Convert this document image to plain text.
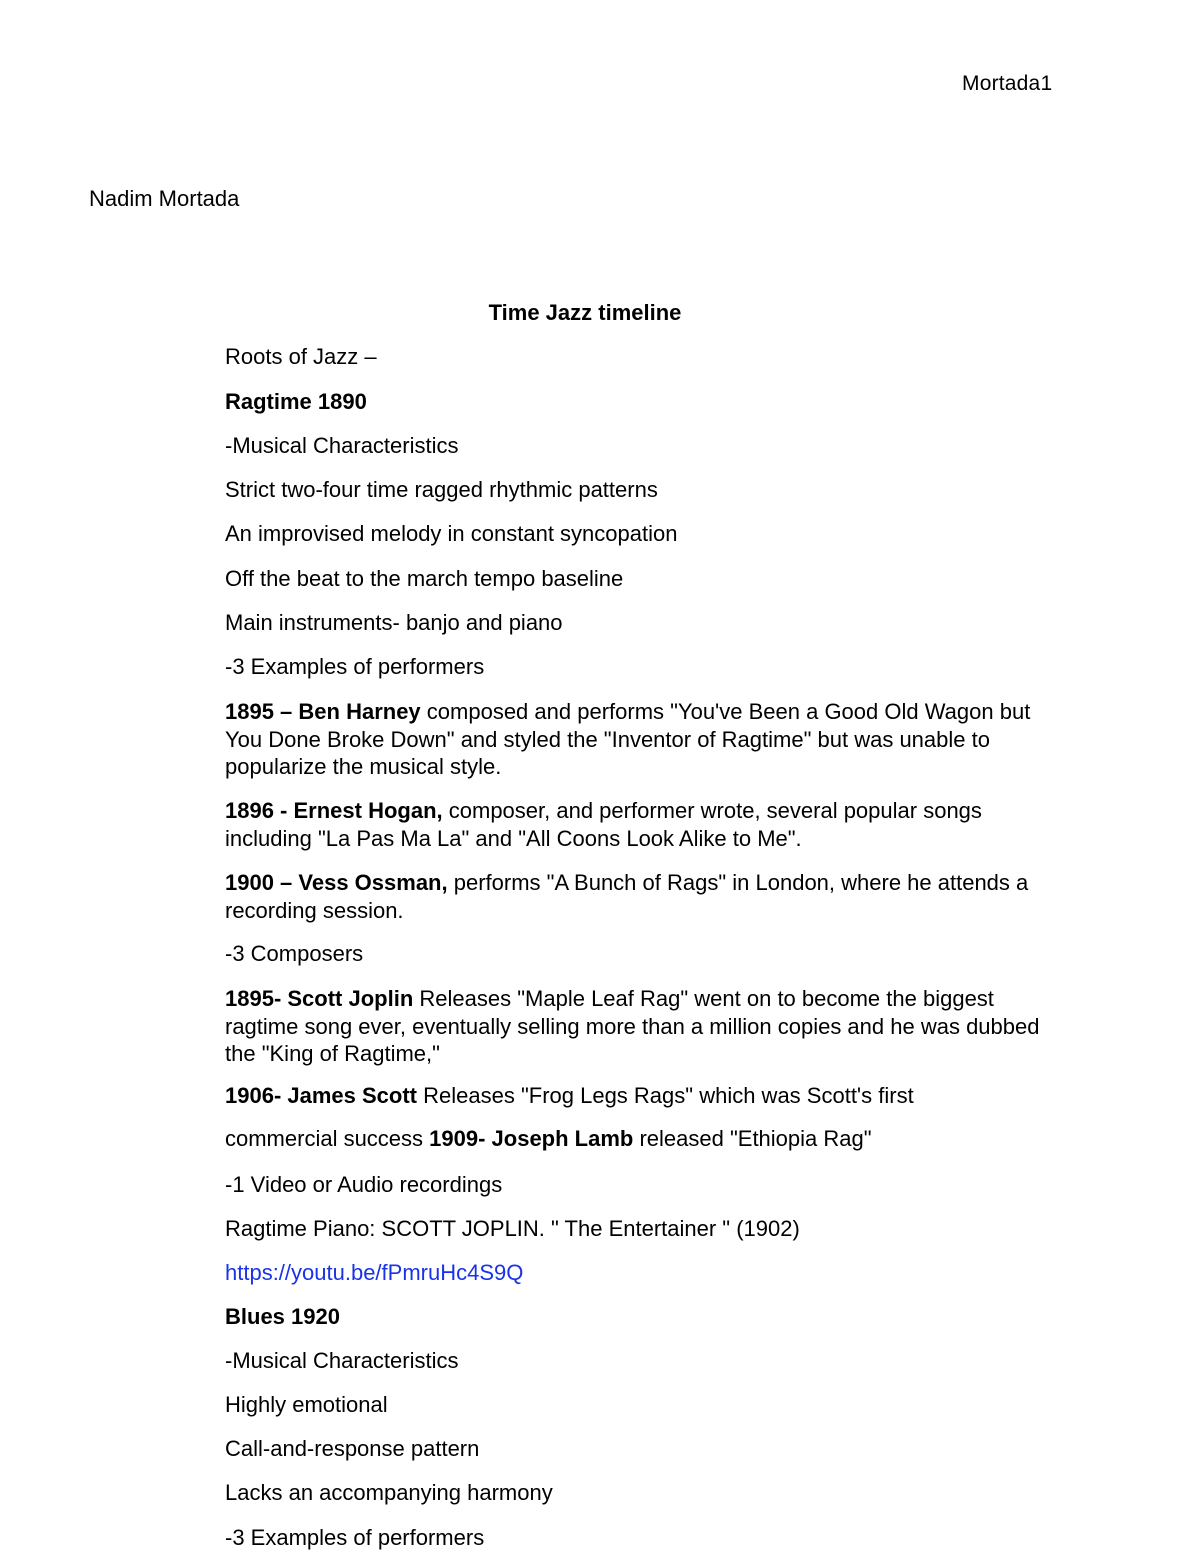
Mortada1
Nadim Mortada
Time Jazz timeline
Roots of Jazz –
Ragtime 1890
-Musical Characteristics
Strict two-four time ragged rhythmic patterns
An improvised melody in constant syncopation
Off the beat to the march tempo baseline
Main instruments- banjo and piano
-3 Examples of performers
1895 – Ben Harney composed and performs "You've Been a Good Old Wagon but You Done Broke Down" and styled the "Inventor of Ragtime" but was unable to popularize the musical style.
1896 - Ernest Hogan, composer, and performer wrote, several popular songs including "La Pas Ma La" and "All Coons Look Alike to Me".
1900 – Vess Ossman, performs "A Bunch of Rags" in London, where he attends a recording session.
-3 Composers
1895- Scott Joplin Releases "Maple Leaf Rag" went on to become the biggest ragtime song ever, eventually selling more than a million copies and he was dubbed the "King of Ragtime,"
1906- James Scott Releases "Frog Legs Rags" which was Scott's first
commercial success 1909- Joseph Lamb released "Ethiopia Rag"
-1 Video or Audio recordings
Ragtime Piano: SCOTT JOPLIN. " The Entertainer " (1902)
https://youtu.be/fPmruHc4S9Q
Blues 1920
-Musical Characteristics
Highly emotional
Call-and-response pattern
Lacks an accompanying harmony
-3 Examples of performers
